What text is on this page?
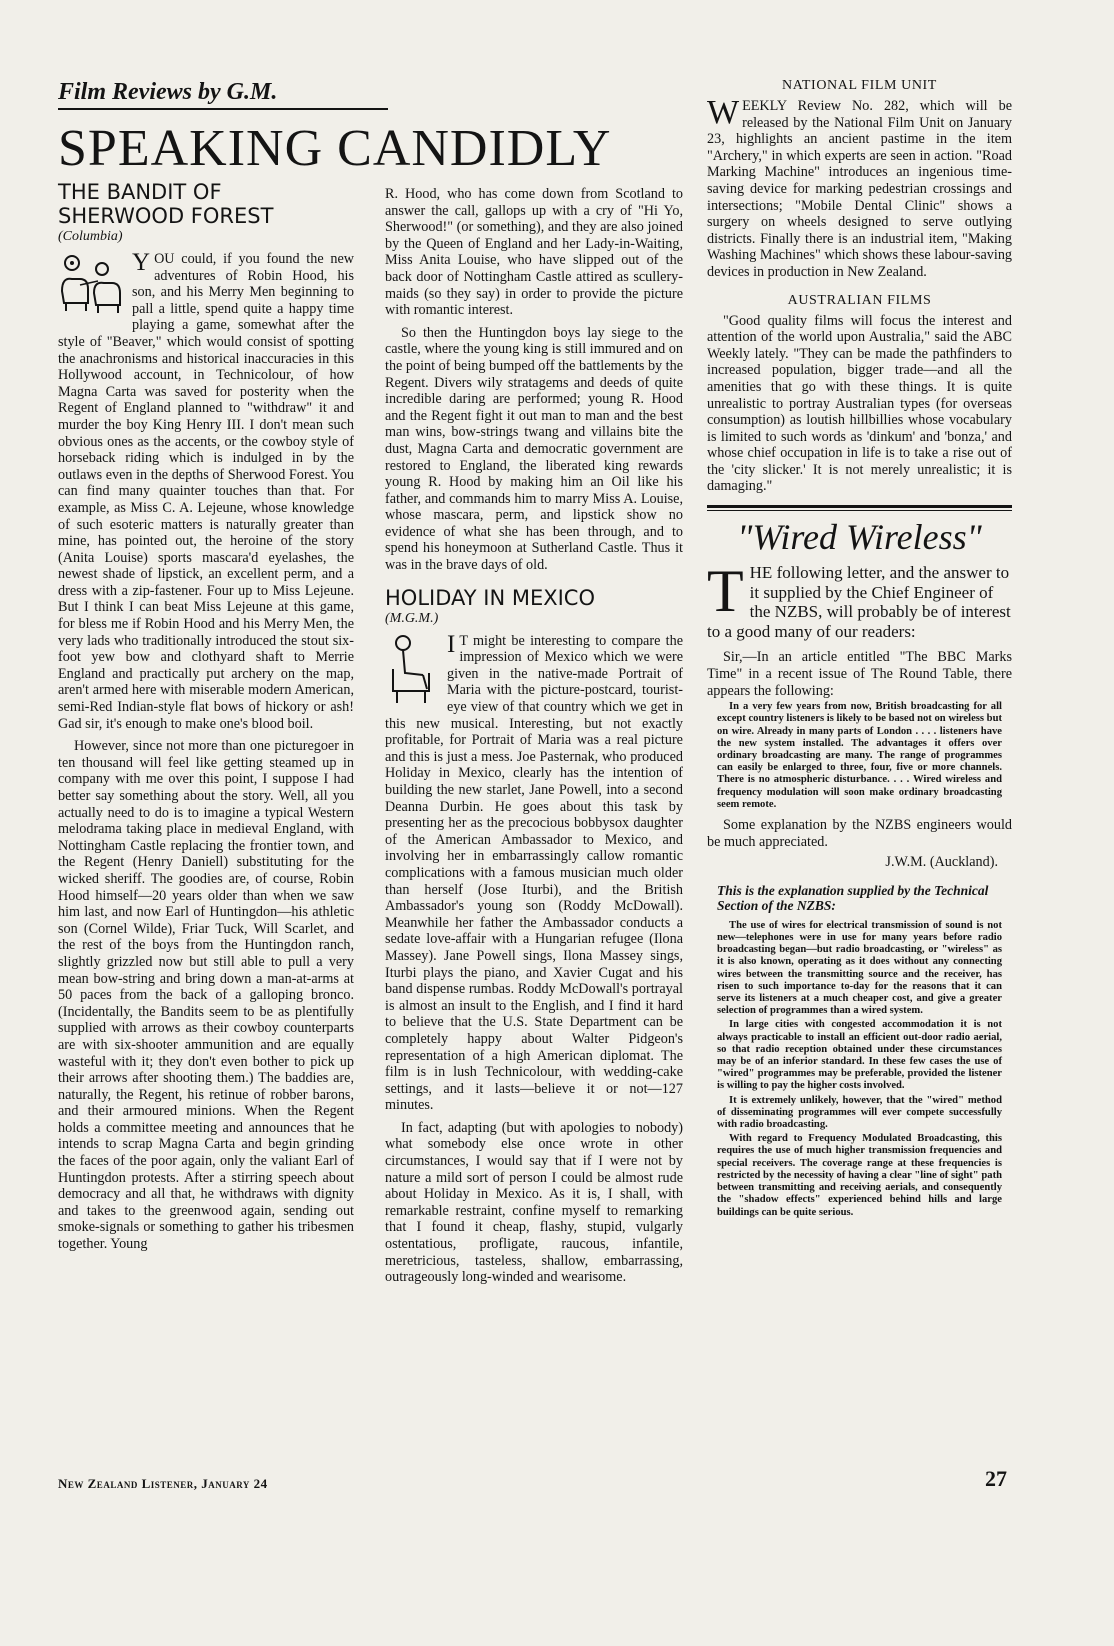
Film Reviews by G.M.
SPEAKING CANDIDLY
THE BANDIT OF
SHERWOOD FOREST
(Columbia)

YOU could, if you found the new adventures of Robin Hood, his son, and his Merry Men beginning to pall a little, spend quite a happy time playing a game, somewhat after the style of "Beaver," which would consist of spotting the anachronisms and historical inaccuracies in this Hollywood account, in Technicolour, of how Magna Carta was saved for posterity when the Regent of England planned to "withdraw" it and murder the boy King Henry III. I don't mean such obvious ones as the accents, or the cowboy style of horseback riding which is indulged in by the outlaws even in the depths of Sherwood Forest. You can find many quainter touches than that. For example, as Miss C. A. Lejeune, whose knowledge of such esoteric matters is naturally greater than mine, has pointed out, the heroine of the story (Anita Louise) sports mascara'd eyelashes, the newest shade of lipstick, an excellent perm, and a dress with a zip-fastener. Four up to Miss Lejeune. But I think I can beat Miss Lejeune at this game, for bless me if Robin Hood and his Merry Men, the very lads who traditionally introduced the stout six-foot yew bow and clothyard shaft to Merrie England and practically put archery on the map, aren't armed here with miserable modern American, semi-Red Indian-style flat bows of hickory or ash! Gad sir, it's enough to make one's blood boil.

However, since not more than one picturegoer in ten thousand will feel like getting steamed up in company with me over this point, I suppose I had better say something about the story. Well, all you actually need to do is to imagine a typical Western melodrama taking place in medieval England, with Nottingham Castle replacing the frontier town, and the Regent (Henry Daniell) substituting for the wicked sheriff. The goodies are, of course, Robin Hood himself—20 years older than when we saw him last, and now Earl of Huntingdon—his athletic son (Cornel Wilde), Friar Tuck, Will Scarlet, and the rest of the boys from the Huntingdon ranch, slightly grizzled now but still able to pull a very mean bow-string and bring down a man-at-arms at 50 paces from the back of a galloping bronco. (Incidentally, the Bandits seem to be as plentifully supplied with arrows as their cowboy counterparts are with six-shooter ammunition and are equally wasteful with it; they don't even bother to pick up their arrows after shooting them.) The baddies are, naturally, the Regent, his retinue of robber barons, and their armoured minions. When the Regent holds a committee meeting and announces that he intends to scrap Magna Carta and begin grinding the faces of the poor again, only the valiant Earl of Huntingdon protests. After a stirring speech about democracy and all that, he withdraws with dignity and takes to the greenwood again, sending out smoke-signals or something to gather his tribesmen together. Young

R. Hood, who has come down from Scotland to answer the call, gallops up with a cry of "Hi Yo, Sherwood!" (or something), and they are also joined by the Queen of England and her Lady-in-Waiting, Miss Anita Louise, who have slipped out of the back door of Nottingham Castle attired as scullery-maids (so they say) in order to provide the picture with romantic interest.

So then the Huntingdon boys lay siege to the castle, where the young king is still immured and on the point of being bumped off the battlements by the Regent. Divers wily stratagems and deeds of quite incredible daring are performed; young R. Hood and the Regent fight it out man to man and the best man wins, bow-strings twang and villains bite the dust, Magna Carta and democratic government are restored to England, the liberated king rewards young R. Hood by making him an Oil like his father, and commands him to marry Miss A. Louise, whose mascara, perm, and lipstick show no evidence of what she has been through, and to spend his honeymoon at Sutherland Castle. Thus it was in the brave days of old.

HOLIDAY IN MEXICO
(M.G.M.)

I T might be interesting to compare the impression of Mexico which we were given in the native-made Portrait of Maria with the picture-postcard, tourist-eye view of that country which we get in this new musical. Interesting, but not exactly profitable, for Portrait of Maria was a real picture and this is just a mess. Joe Pasternak, who produced Holiday in Mexico, clearly has the intention of building the new starlet, Jane Powell, into a second Deanna Durbin. He goes about this task by presenting her as the precocious bobbysox daughter of the American Ambassador to Mexico, and involving her in embarrassingly callow romantic complications with a famous musician much older than herself (Jose Iturbi), and the British Ambassador's young son (Roddy McDowall). Meanwhile her father the Ambassador conducts a sedate love-affair with a Hungarian refugee (Ilona Massey). Jane Powell sings, Ilona Massey sings, Iturbi plays the piano, and Xavier Cugat and his band dispense rumbas. Roddy McDowall's portrayal is almost an insult to the English, and I find it hard to believe that the U.S. State Department can be completely happy about Walter Pidgeon's representation of a high American diplomat. The film is in lush Technicolour, with wedding-cake settings, and it lasts—believe it or not—127 minutes.

In fact, adapting (but with apologies to nobody) what somebody else once wrote in other circumstances, I would say that if I were not by nature a mild sort of person I could be almost rude about Holiday in Mexico. As it is, I shall, with remarkable restraint, confine myself to remarking that I found it cheap, flashy, stupid, vulgarly ostentatious, profligate, raucous, infantile, meretricious, tasteless, shallow, embarrassing, outrageously long-winded and wearisome.

NATIONAL FILM UNIT

WEEKLY Review No. 282, which will be released by the National Film Unit on January 23, highlights an ancient pastime in the item "Archery," in which experts are seen in action. "Road Marking Machine" introduces an ingenious time-saving device for marking pedestrian crossings and intersections; "Mobile Dental Clinic" shows a surgery on wheels designed to serve outlying districts. Finally there is an industrial item, "Making Washing Machines" which shows these labour-saving devices in production in New Zealand.

AUSTRALIAN FILMS

"Good quality films will focus the interest and attention of the world upon Australia," said the ABC Weekly lately. "They can be made the pathfinders to increased population, bigger trade—and all the amenities that go with these things. It is quite unrealistic to portray Australian types (for overseas consumption) as loutish hillbillies whose vocabulary is limited to such words as 'dinkum' and 'bonza,' and whose chief occupation in life is to take a rise out of the 'city slicker.' It is not merely unrealistic; it is damaging."

"Wired Wireless"

THE following letter, and the answer to it supplied by the Chief Engineer of the NZBS, will probably be of interest to a good many of our readers:

Sir,—In an article entitled "The BBC Marks Time" in a recent issue of The Round Table, there appears the following:

In a very few years from now, British broadcasting for all except country listeners is likely to be based not on wireless but on wire. Already in many parts of London . . . . listeners have the new system installed. The advantages it offers over ordinary broadcasting are many. The range of programmes can easily be enlarged to three, four, five or more channels. There is no atmospheric disturbance. . . . Wired wireless and frequency modulation will soon make ordinary broadcasting seem remote.

Some explanation by the NZBS engineers would be much appreciated.

J.W.M. (Auckland).

This is the explanation supplied by the Technical Section of the NZBS:

The use of wires for electrical transmission of sound is not new—telephones were in use for many years before radio broadcasting began—but radio broadcasting, or "wireless" as it is also known, operating as it does without any connecting wires between the transmitting source and the receiver, has risen to such importance to-day for the reasons that it can serve its listeners at a much cheaper cost, and give a greater selection of programmes than a wired system.

In large cities with congested accommodation it is not always practicable to install an efficient out-door radio aerial, so that radio reception obtained under these circumstances may be of an inferior standard. In these few cases the use of "wired" programmes may be preferable, provided the listener is willing to pay the higher costs involved.

It is extremely unlikely, however, that the "wired" method of disseminating programmes will ever compete successfully with radio broadcasting.

With regard to Frequency Modulated Broadcasting, this requires the use of much higher transmission frequencies and special receivers. The coverage range at these frequencies is restricted by the necessity of having a clear "line of sight" path between transmitting and receiving aerials, and consequently the "shadow effects" experienced behind hills and large buildings can be quite serious.

New Zealand Listener, January 24	27
